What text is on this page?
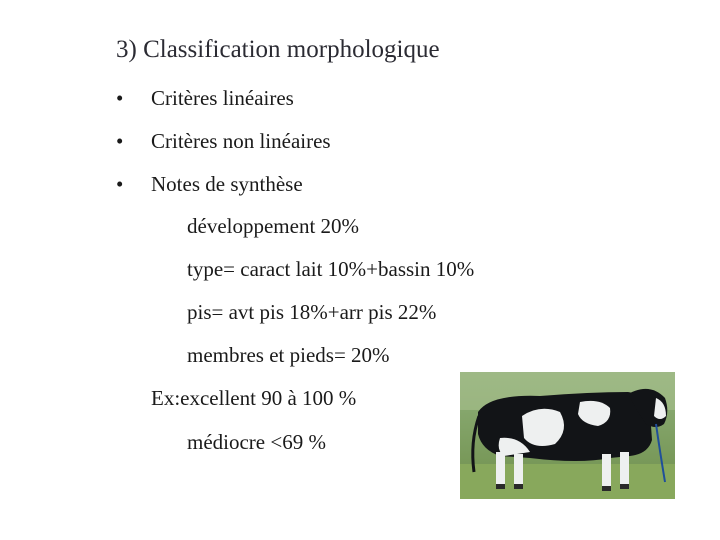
3) Classification morphologique
• Critères linéaires
• Critères non linéaires
• Notes de synthèse
développement 20%
type= caract lait 10%+bassin 10%
pis= avt pis 18%+arr pis 22%
membres et pieds= 20%
Ex:excellent 90 à 100 %
médiocre <69 %
